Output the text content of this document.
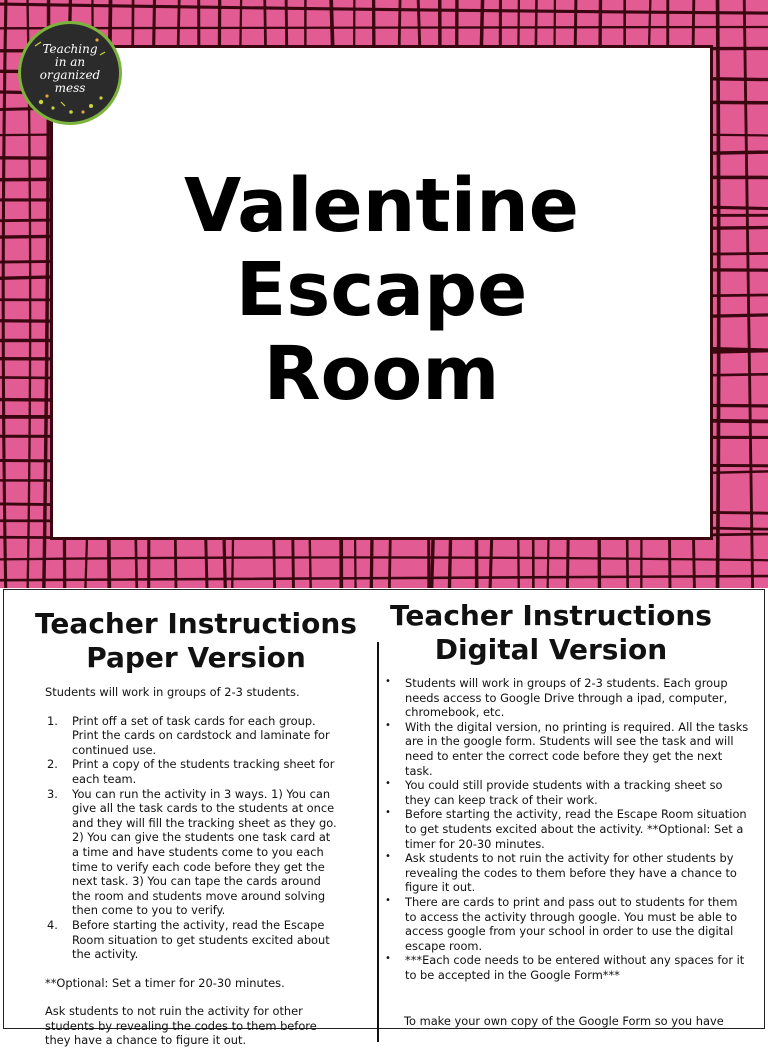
Valentine
Escape
Room
Teaching
in an
organized
mess
Teacher Instructions
Paper Version
Teacher Instructions
Digital Version

Students will work in groups of 2-3 students.

1. Print off a set of task cards for each group. Print the cards on cardstock and laminate for continued use.
2. Print a copy of the students tracking sheet for each team.
3. You can run the activity in 3 ways. 1) You can give all the task cards to the students at once and they will fill the tracking sheet as they go. 2) You can give the students one task card at a time and have students come to you each time to verify each code before they get the next task. 3) You can tape the cards around the room and students move around solving then come to you to verify.
4. Before starting the activity, read the Escape Room situation to get students excited about the activity.

**Optional: Set a timer for 20-30 minutes.

Ask students to not ruin the activity for other students by revealing the codes to them before they have a chance to figure it out.

• Students will work in groups of 2-3 students. Each group needs access to Google Drive through a ipad, computer, chromebook, etc.
• With the digital version, no printing is required. All the tasks are in the google form. Students will see the task and will need to enter the correct code before they get the next task.
• You could still provide students with a tracking sheet so they can keep track of their work.
• Before starting the activity, read the Escape Room situation to get students excited about the activity. **Optional: Set a timer for 20-30 minutes.
• Ask students to not ruin the activity for other students by revealing the codes to them before they have a chance to figure it out.
• There are cards to print and pass out to students for them to access the activity through google. You must be able to access google from your school in order to use the digital escape room.
• ***Each code needs to be entered without any spaces for it to be accepted in the Google Form***
To make your own copy of the Google Form so you have
